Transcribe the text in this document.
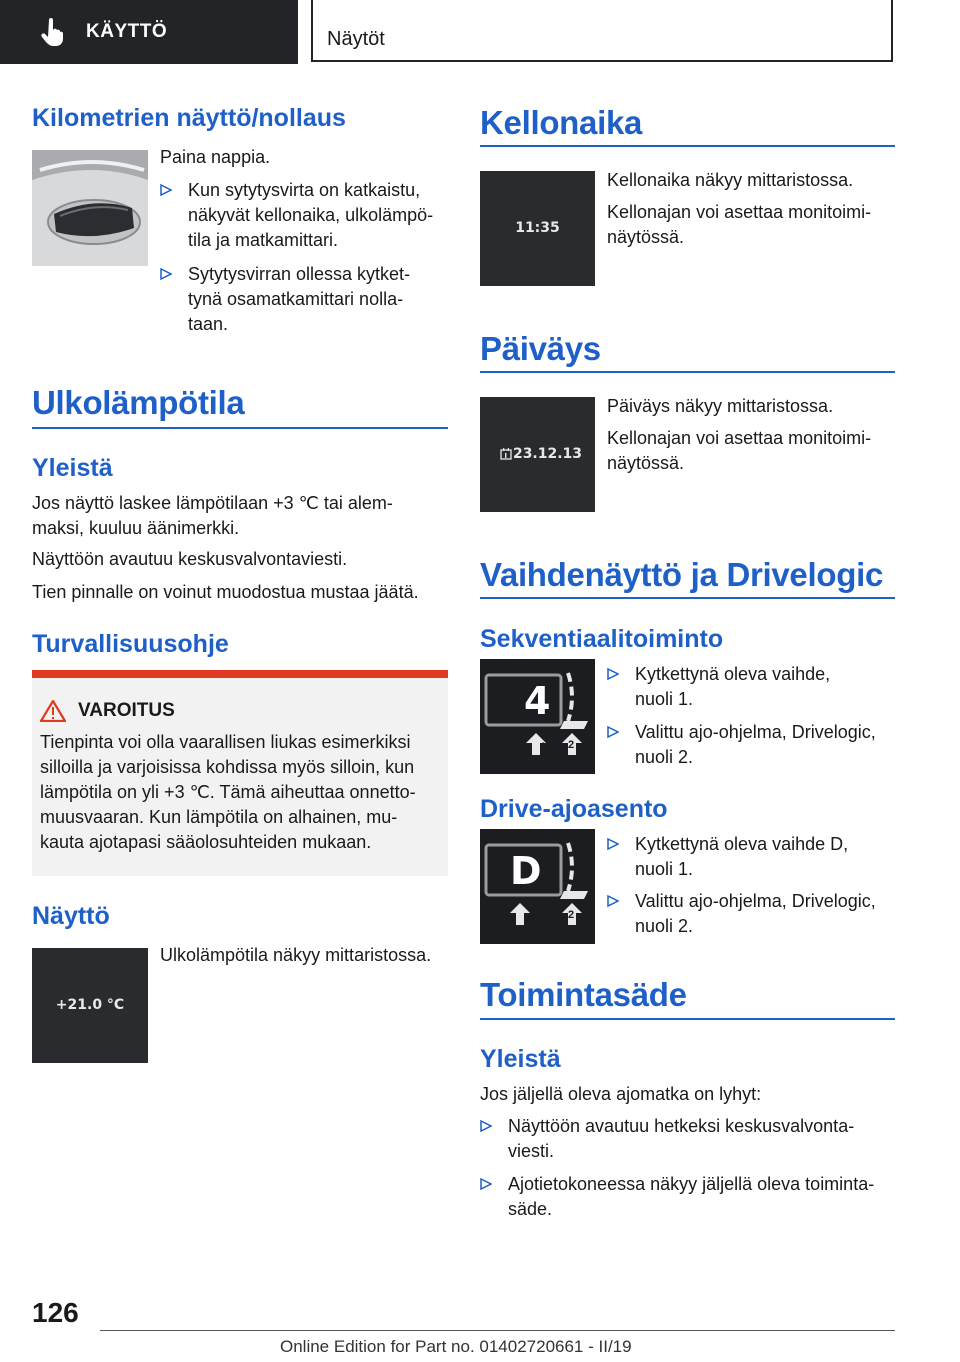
KÄYTTÖ	Näytöt
Kilometrien näyttö/nollaus

Paina nappia.

Kun sytytysvirta on katkaistu,
näkyvät kellonaika, ulkolämpö-
tila ja matkamittari.
Sytytysvirran ollessa kytket-
tynä osamatkamittari nolla-
taan.
Ulkolämpötila
Yleistä
Jos näyttö laskee lämpötilaan +3 ℃ tai alem-
maksi, kuuluu äänimerkki.

Näyttöön avautuu keskusvalvontaviesti.

Tien pinnalle on voinut muodostua mustaa jäätä.

Turvallisuusohje
VAROITUS
Tienpinta voi olla vaarallisen liukas esimerkiksi
silloilla ja varjoisissa kohdissa myös silloin, kun
lämpötila on yli +3 ℃. Tämä aiheuttaa onnetto-
muusvaaran. Kun lämpötila on alhainen, mu-
kauta ajotapasi sääolosuhteiden mukaan.
Näyttö
+21.0 °C

Ulkolämpötila näkyy mittaristossa.

Kellonaika
11:35

Kellonaika näkyy mittaristossa.

Kellonajan voi asettaa monitoimi-
näytössä.
Päiväys
23.12.13

Päiväys näkyy mittaristossa.

Kellonajan voi asettaa monitoimi-
näytössä.
Vaihdenäyttö ja Drivelogic
Sekventiaalitoiminto
4
1 2
Kytkettynä oleva vaihde,
nuoli 1.
Valittu ajo-ohjelma, Drivelogic,
nuoli 2.
Drive-ajoasento
D
1	2
Kytkettynä oleva vaihde D,
nuoli 1.
Valittu ajo-ohjelma, Drivelogic,
nuoli 2.
Toimintasäde
Yleistä

Jos jäljellä oleva ajomatka on lyhyt:

Näyttöön avautuu hetkeksi keskusvalvonta-
viesti.
Ajotietokoneessa näkyy jäljellä oleva toiminta-
säde.
126
Online Edition for Part no. 01402720661 - II/19
